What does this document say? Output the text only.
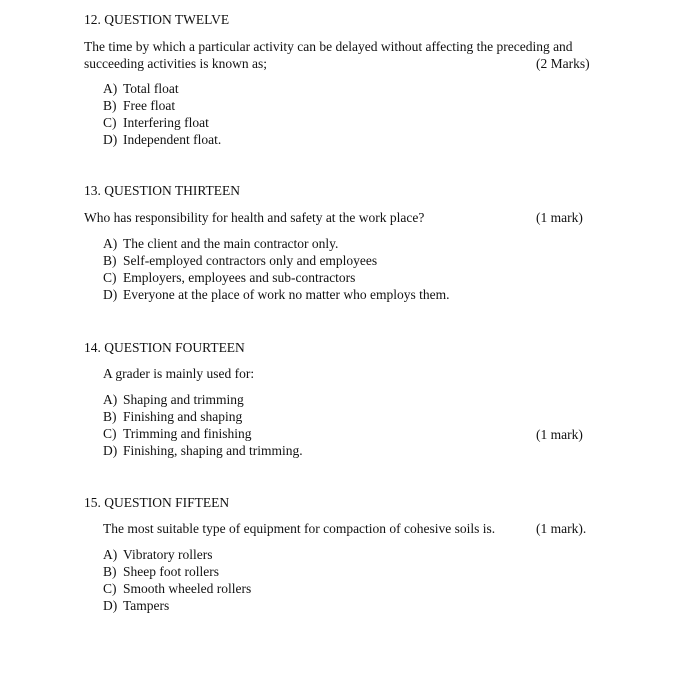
12. QUESTION TWELVE
The time by which a particular activity can be delayed without affecting the preceding and
succeeding activities is known as;	(2 Marks)
A) Total float
B) Free float
C) Interfering float
D) Independent float.
13. QUESTION THIRTEEN
Who has responsibility for health and safety at the work place?	(1 mark)
A) The client and the main contractor only.
B) Self-employed contractors only and employees
C) Employers, employees and sub-contractors
D) Everyone at the place of work no matter who employs them.
14. QUESTION FOURTEEN
A grader is mainly used for:
(1 mark)
A) Shaping and trimming
B) Finishing and shaping
C) Trimming and finishing
D) Finishing, shaping and trimming.
15. QUESTION FIFTEEN
The most suitable type of equipment for compaction of cohesive soils is.	(1 mark).
A) Vibratory rollers
B) Sheep foot rollers
C) Smooth wheeled rollers
D) Tampers
